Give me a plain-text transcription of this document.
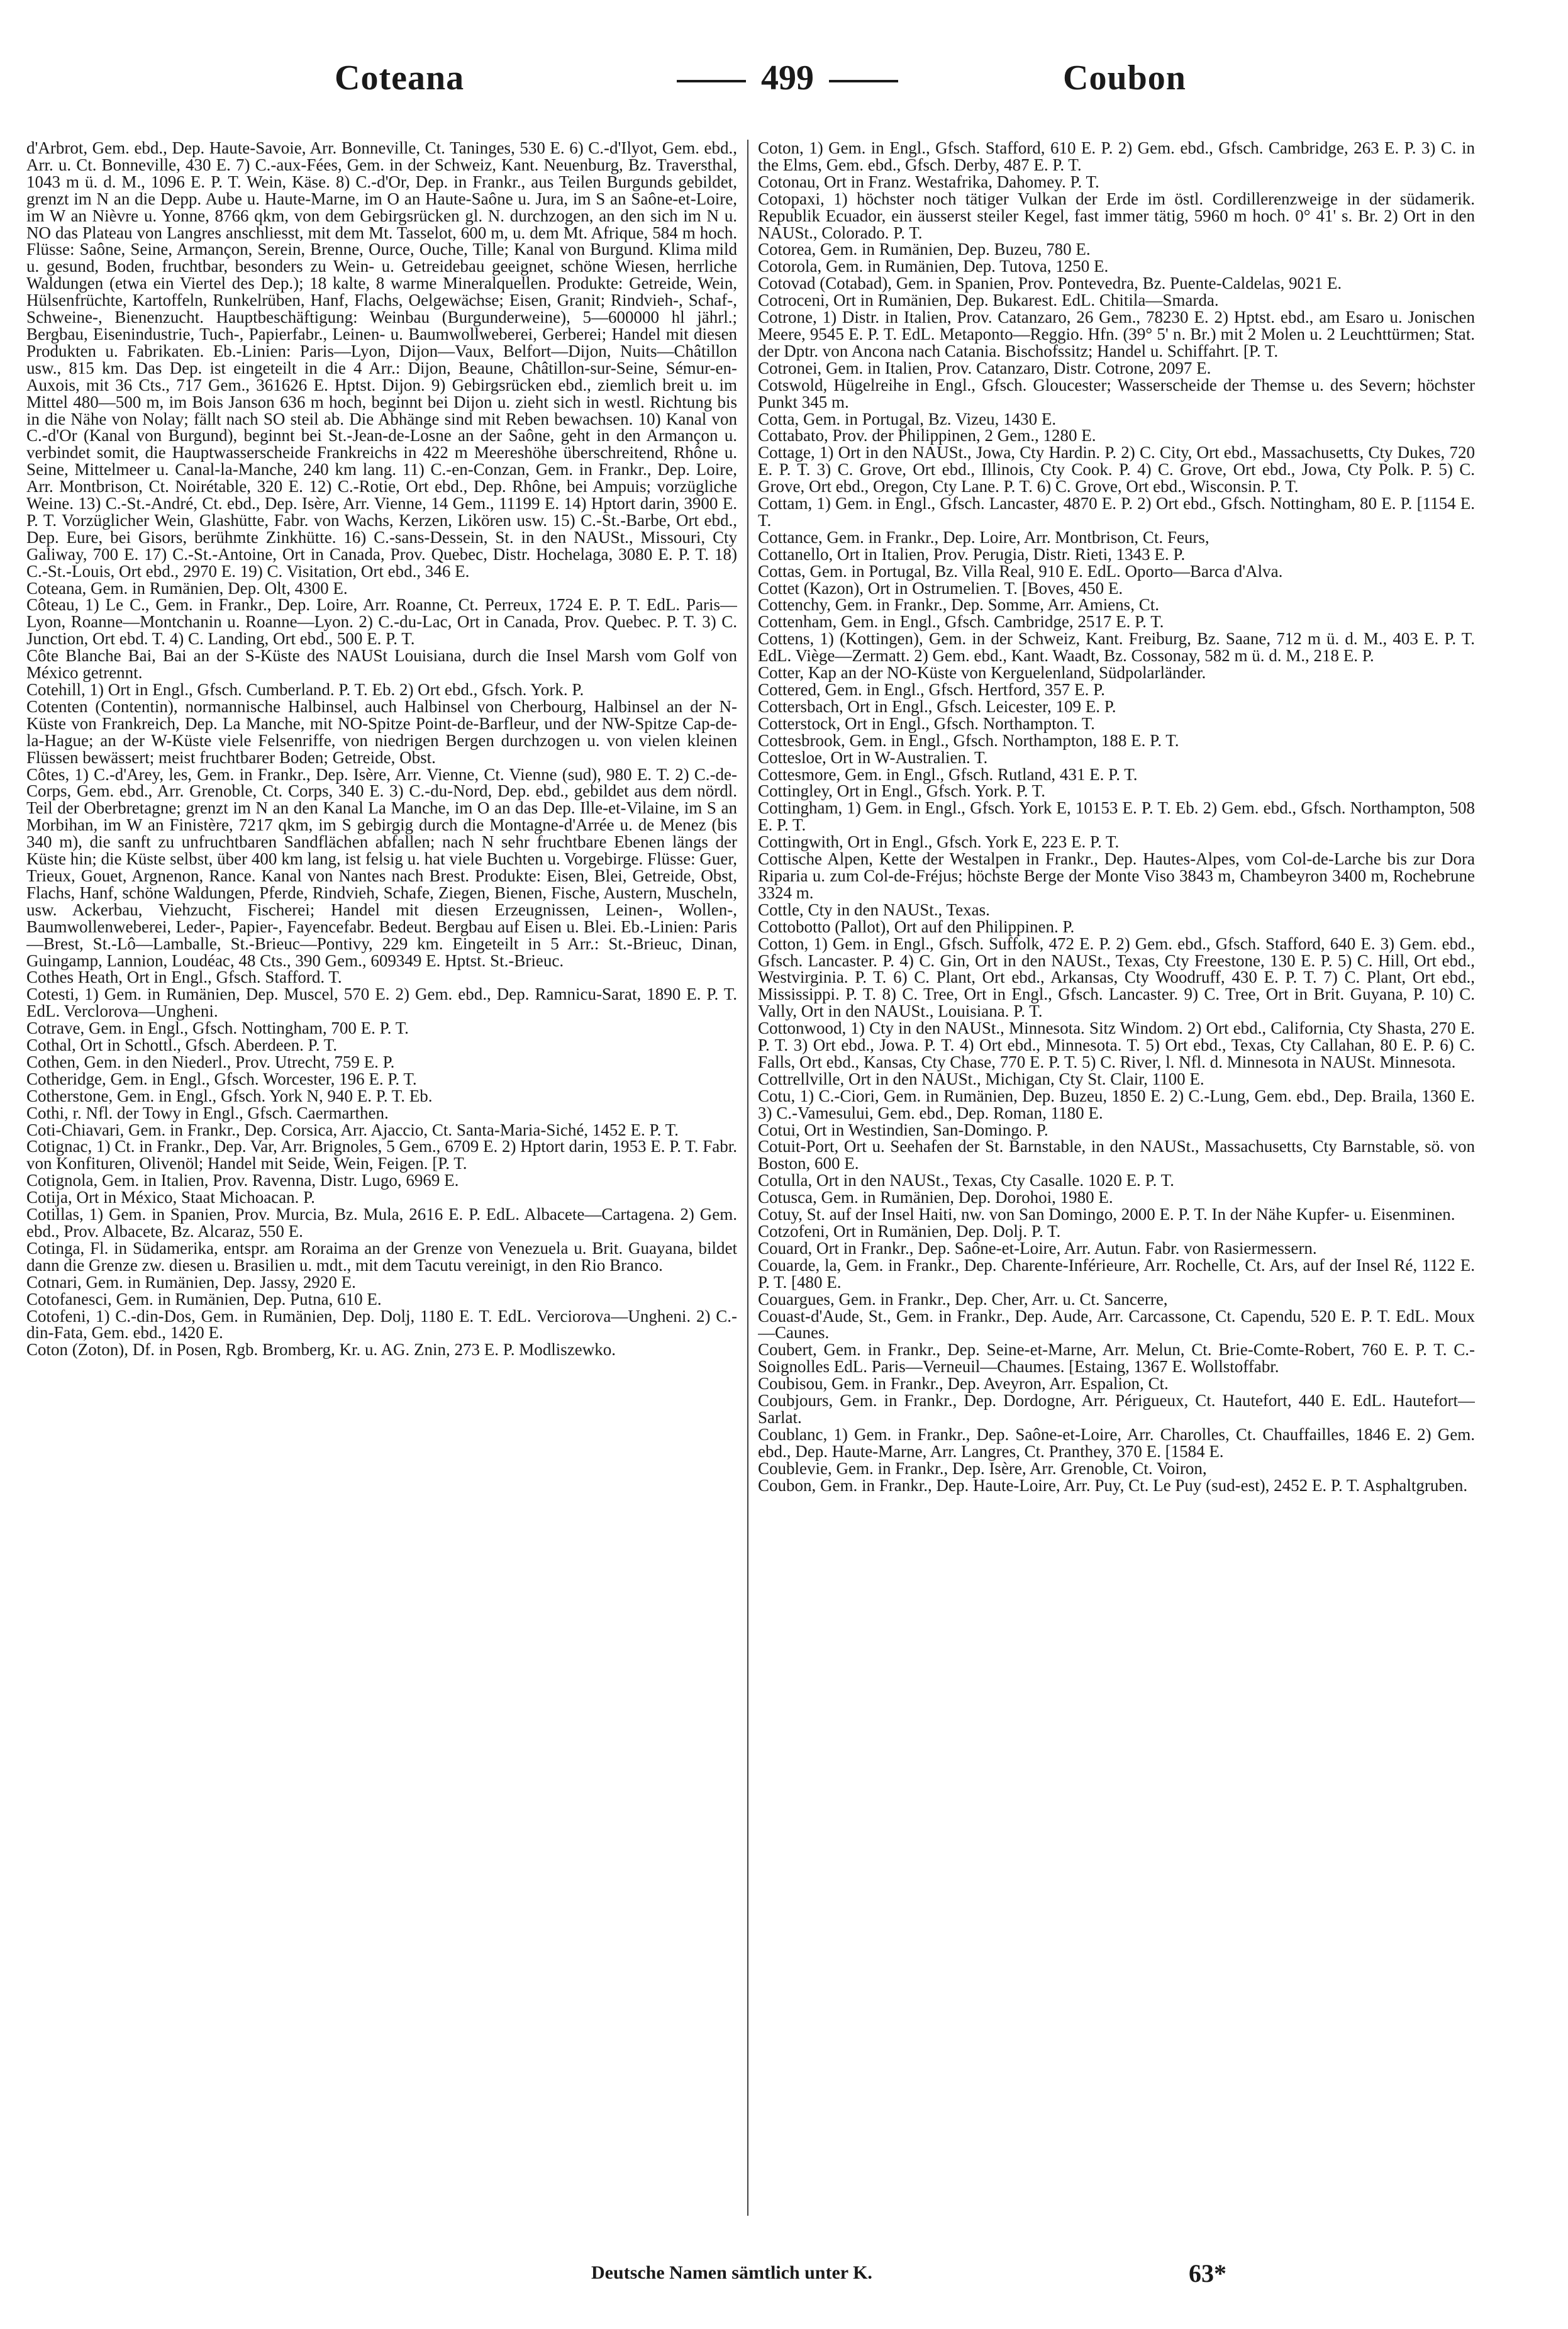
Coteana	499	Coubon

d'Arbrot, Gem. ebd., Dep. Haute-Savoie, Arr. Bonneville, Ct. Taninges, 530 E. 6) C.-d'Ilyot, Gem. ebd., Arr. u. Ct. Bonneville, 430 E. 7) C.-aux-Fées, Gem. in der Schweiz, Kant. Neuenburg, Bz. Traversthal, 1043 m ü. d. M., 1096 E. P. T. Wein, Käse. 8) C.-d'Or, Dep. in Frankr., aus Teilen Burgunds gebildet, grenzt im N an die Depp. Aube u. Haute-Marne, im O an Haute-Saône u. Jura, im S an Saône-et-Loire, im W an Nièvre u. Yonne, 8766 qkm, von dem Gebirgsrücken gl. N. durchzogen, an den sich im N u. NO das Plateau von Langres anschliesst, mit dem Mt. Tasselot, 600 m, u. dem Mt. Afrique, 584 m hoch. Flüsse: Saône, Seine, Armançon, Serein, Brenne, Ource, Ouche, Tille; Kanal von Burgund. Klima mild u. gesund, Boden, fruchtbar, besonders zu Wein- u. Getreidebau geeignet, schöne Wiesen, herrliche Waldungen (etwa ein Viertel des Dep.); 18 kalte, 8 warme Mineralquellen. Produkte: Getreide, Wein, Hülsenfrüchte, Kartoffeln, Runkelrüben, Hanf, Flachs, Oelgewächse; Eisen, Granit; Rindvieh-, Schaf-, Schweine-, Bienenzucht. Hauptbeschäftigung: Weinbau (Burgunderweine), 5—600000 hl jährl.; Bergbau, Eisenindustrie, Tuch-, Papierfabr., Leinen- u. Baumwollweberei, Gerberei; Handel mit diesen Produkten u. Fabrikaten. Eb.-Linien: Paris—Lyon, Dijon—Vaux, Belfort—Dijon, Nuits—Châtillon usw., 815 km. Das Dep. ist eingeteilt in die 4 Arr.: Dijon, Beaune, Châtillon-sur-Seine, Sémur-en-Auxois, mit 36 Cts., 717 Gem., 361626 E. Hptst. Dijon. 9) Gebirgsrücken ebd., ziemlich breit u. im Mittel 480—500 m, im Bois Janson 636 m hoch, beginnt bei Dijon u. zieht sich in westl. Richtung bis in die Nähe von Nolay; fällt nach SO steil ab. Die Abhänge sind mit Reben bewachsen. 10) Kanal von C.-d'Or (Kanal von Burgund), beginnt bei St.-Jean-de-Losne an der Saône, geht in den Armançon u. verbindet somit, die Hauptwasserscheide Frankreichs in 422 m Meereshöhe überschreitend, Rhône u. Seine, Mittelmeer u. Canal-la-Manche, 240 km lang. 11) C.-en-Conzan, Gem. in Frankr., Dep. Loire, Arr. Montbrison, Ct. Noirétable, 320 E. 12) C.-Rotie, Ort ebd., Dep. Rhône, bei Ampuis; vorzügliche Weine. 13) C.-St.-André, Ct. ebd., Dep. Isère, Arr. Vienne, 14 Gem., 11199 E. 14) Hptort darin, 3900 E. P. T. Vorzüglicher Wein, Glashütte, Fabr. von Wachs, Kerzen, Likören usw. 15) C.-St.-Barbe, Ort ebd., Dep. Eure, bei Gisors, berühmte Zinkhütte. 16) C.-sans-Dessein, St. in den NAUSt., Missouri, Cty Galiway, 700 E. 17) C.-St.-Antoine, Ort in Canada, Prov. Quebec, Distr. Hochelaga, 3080 E. P. T. 18) C.-St.-Louis, Ort ebd., 2970 E. 19) C. Visitation, Ort ebd., 346 E.

Coteana, Gem. in Rumänien, Dep. Olt, 4300 E.

Côteau, 1) Le C., Gem. in Frankr., Dep. Loire, Arr. Roanne, Ct. Perreux, 1724 E. P. T. EdL. Paris—Lyon, Roanne—Montchanin u. Roanne—Lyon. 2) C.-du-Lac, Ort in Canada, Prov. Quebec. P. T. 3) C. Junction, Ort ebd. T. 4) C. Landing, Ort ebd., 500 E. P. T.

Côte Blanche Bai, Bai an der S-Küste des NAUSt Louisiana, durch die Insel Marsh vom Golf von México getrennt.

Cotehill, 1) Ort in Engl., Gfsch. Cumberland. P. T. Eb. 2) Ort ebd., Gfsch. York. P.

Cotenten (Contentin), normannische Halbinsel, auch Halbinsel von Cherbourg, Halbinsel an der N-Küste von Frankreich, Dep. La Manche, mit NO-Spitze Point-de-Barfleur, und der NW-Spitze Cap-de-la-Hague; an der W-Küste viele Felsenriffe, von niedrigen Bergen durchzogen u. von vielen kleinen Flüssen bewässert; meist fruchtbarer Boden; Getreide, Obst.

Côtes, 1) C.-d'Arey, les, Gem. in Frankr., Dep. Isère, Arr. Vienne, Ct. Vienne (sud), 980 E. T. 2) C.-de-Corps, Gem. ebd., Arr. Grenoble, Ct. Corps, 340 E. 3) C.-du-Nord, Dep. ebd., gebildet aus dem nördl. Teil der Oberbretagne; grenzt im N an den Kanal La Manche, im O an das Dep. Ille-et-Vilaine, im S an Morbihan, im W an Finistère, 7217 qkm, im S gebirgig durch die Montagne-d'Arrée u. de Menez (bis 340 m), die sanft zu unfruchtbaren Sandflächen abfallen; nach N sehr fruchtbare Ebenen längs der Küste hin; die Küste selbst, über 400 km lang, ist felsig u. hat viele Buchten u. Vorgebirge. Flüsse: Guer, Trieux, Gouet, Argnenon, Rance. Kanal von Nantes nach Brest. Produkte: Eisen, Blei, Getreide, Obst, Flachs, Hanf, schöne Waldungen, Pferde, Rindvieh, Schafe, Ziegen, Bienen, Fische, Austern, Muscheln, usw. Ackerbau, Viehzucht, Fischerei; Handel mit diesen Erzeugnissen, Leinen-, Wollen-, Baumwollenweberei, Leder-, Papier-, Fayencefabr. Bedeut. Bergbau auf Eisen u. Blei. Eb.-Linien: Paris—Brest, St.-Lô—Lamballe, St.-Brieuc—Pontivy, 229 km. Eingeteilt in 5 Arr.: St.-Brieuc, Dinan, Guingamp, Lannion, Loudéac, 48 Cts., 390 Gem., 609349 E. Hptst. St.-Brieuc.

Cothes Heath, Ort in Engl., Gfsch. Stafford. T.

Cotesti, 1) Gem. in Rumänien, Dep. Muscel, 570 E. 2) Gem. ebd., Dep. Ramnicu-Sarat, 1890 E. P. T. EdL. Verclorova—Ungheni.

Cotrave, Gem. in Engl., Gfsch. Nottingham, 700 E. P. T.

Cothal, Ort in Schottl., Gfsch. Aberdeen. P. T.

Cothen, Gem. in den Niederl., Prov. Utrecht, 759 E. P.

Cotheridge, Gem. in Engl., Gfsch. Worcester, 196 E. P. T.

Cotherstone, Gem. in Engl., Gfsch. York N, 940 E. P. T. Eb.

Cothi, r. Nfl. der Towy in Engl., Gfsch. Caermarthen.

Coti-Chiavari, Gem. in Frankr., Dep. Corsica, Arr. Ajaccio, Ct. Santa-Maria-Siché, 1452 E. P. T.

Cotignac, 1) Ct. in Frankr., Dep. Var, Arr. Brignoles, 5 Gem., 6709 E. 2) Hptort darin, 1953 E. P. T. Fabr. von Konfituren, Olivenöl; Handel mit Seide, Wein, Feigen. [P. T.

Cotignola, Gem. in Italien, Prov. Ravenna, Distr. Lugo, 6969 E.

Cotija, Ort in México, Staat Michoacan. P.

Cotillas, 1) Gem. in Spanien, Prov. Murcia, Bz. Mula, 2616 E. P. EdL. Albacete—Cartagena. 2) Gem. ebd., Prov. Albacete, Bz. Alcaraz, 550 E.

Cotinga, Fl. in Südamerika, entspr. am Roraima an der Grenze von Venezuela u. Brit. Guayana, bildet dann die Grenze zw. diesen u. Brasilien u. mdt., mit dem Tacutu vereinigt, in den Rio Branco.

Cotnari, Gem. in Rumänien, Dep. Jassy, 2920 E.

Cotofanesci, Gem. in Rumänien, Dep. Putna, 610 E.

Cotofeni, 1) C.-din-Dos, Gem. in Rumänien, Dep. Dolj, 1180 E. T. EdL. Verciorova—Ungheni. 2) C.-din-Fata, Gem. ebd., 1420 E.

Coton (Zoton), Df. in Posen, Rgb. Bromberg, Kr. u. AG. Znin, 273 E. P. Modliszewko.

Coton, 1) Gem. in Engl., Gfsch. Stafford, 610 E. P. 2) Gem. ebd., Gfsch. Cambridge, 263 E. P. 3) C. in the Elms, Gem. ebd., Gfsch. Derby, 487 E. P. T.

Cotonau, Ort in Franz. Westafrika, Dahomey. P. T.

Cotopaxi, 1) höchster noch tätiger Vulkan der Erde im östl. Cordillerenzweige in der südamerik. Republik Ecuador, ein äusserst steiler Kegel, fast immer tätig, 5960 m hoch. 0° 41' s. Br. 2) Ort in den NAUSt., Colorado. P. T.

Cotorea, Gem. in Rumänien, Dep. Buzeu, 780 E.

Cotorola, Gem. in Rumänien, Dep. Tutova, 1250 E.

Cotovad (Cotabad), Gem. in Spanien, Prov. Pontevedra, Bz. Puente-Caldelas, 9021 E.

Cotroceni, Ort in Rumänien, Dep. Bukarest. EdL. Chitila—Smarda.

Cotrone, 1) Distr. in Italien, Prov. Catanzaro, 26 Gem., 78230 E. 2) Hptst. ebd., am Esaro u. Jonischen Meere, 9545 E. P. T. EdL. Metaponto—Reggio. Hfn. (39° 5' n. Br.) mit 2 Molen u. 2 Leuchttürmen; Stat. der Dptr. von Ancona nach Catania. Bischofssitz; Handel u. Schiffahrt. [P. T.

Cotronei, Gem. in Italien, Prov. Catanzaro, Distr. Cotrone, 2097 E.

Cotswold, Hügelreihe in Engl., Gfsch. Gloucester; Wasserscheide der Themse u. des Severn; höchster Punkt 345 m.

Cotta, Gem. in Portugal, Bz. Vizeu, 1430 E.

Cottabato, Prov. der Philippinen, 2 Gem., 1280 E.

Cottage, 1) Ort in den NAUSt., Jowa, Cty Hardin. P. 2) C. City, Ort ebd., Massachusetts, Cty Dukes, 720 E. P. T. 3) C. Grove, Ort ebd., Illinois, Cty Cook. P. 4) C. Grove, Ort ebd., Jowa, Cty Polk. P. 5) C. Grove, Ort ebd., Oregon, Cty Lane. P. T. 6) C. Grove, Ort ebd., Wisconsin. P. T.

Cottam, 1) Gem. in Engl., Gfsch. Lancaster, 4870 E. P. 2) Ort ebd., Gfsch. Nottingham, 80 E. P. [1154 E. T.

Cottance, Gem. in Frankr., Dep. Loire, Arr. Montbrison, Ct. Feurs,

Cottanello, Ort in Italien, Prov. Perugia, Distr. Rieti, 1343 E. P.

Cottas, Gem. in Portugal, Bz. Villa Real, 910 E. EdL. Oporto—Barca d'Alva.

Cottet (Kazon), Ort in Ostrumelien. T. [Boves, 450 E.

Cottenchy, Gem. in Frankr., Dep. Somme, Arr. Amiens, Ct.

Cottenham, Gem. in Engl., Gfsch. Cambridge, 2517 E. P. T.

Cottens, 1) (Kottingen), Gem. in der Schweiz, Kant. Freiburg, Bz. Saane, 712 m ü. d. M., 403 E. P. T. EdL. Viège—Zermatt. 2) Gem. ebd., Kant. Waadt, Bz. Cossonay, 582 m ü. d. M., 218 E. P.

Cotter, Kap an der NO-Küste von Kerguelenland, Südpolarländer.

Cottered, Gem. in Engl., Gfsch. Hertford, 357 E. P.

Cottersbach, Ort in Engl., Gfsch. Leicester, 109 E. P.

Cotterstock, Ort in Engl., Gfsch. Northampton. T.

Cottesbrook, Gem. in Engl., Gfsch. Northampton, 188 E. P. T.

Cottesloe, Ort in W-Australien. T.

Cottesmore, Gem. in Engl., Gfsch. Rutland, 431 E. P. T.

Cottingley, Ort in Engl., Gfsch. York. P. T.

Cottingham, 1) Gem. in Engl., Gfsch. York E, 10153 E. P. T. Eb. 2) Gem. ebd., Gfsch. Northampton, 508 E. P. T.

Cottingwith, Ort in Engl., Gfsch. York E, 223 E. P. T.

Cottische Alpen, Kette der Westalpen in Frankr., Dep. Hautes-Alpes, vom Col-de-Larche bis zur Dora Riparia u. zum Col-de-Fréjus; höchste Berge der Monte Viso 3843 m, Chambeyron 3400 m, Rochebrune 3324 m.

Cottle, Cty in den NAUSt., Texas.

Cottobotto (Pallot), Ort auf den Philippinen. P.

Cotton, 1) Gem. in Engl., Gfsch. Suffolk, 472 E. P. 2) Gem. ebd., Gfsch. Stafford, 640 E. 3) Gem. ebd., Gfsch. Lancaster. P. 4) C. Gin, Ort in den NAUSt., Texas, Cty Freestone, 130 E. P. 5) C. Hill, Ort ebd., Westvirginia. P. T. 6) C. Plant, Ort ebd., Arkansas, Cty Woodruff, 430 E. P. T. 7) C. Plant, Ort ebd., Mississippi. P. T. 8) C. Tree, Ort in Engl., Gfsch. Lancaster. 9) C. Tree, Ort in Brit. Guyana, P. 10) C. Vally, Ort in den NAUSt., Louisiana. P. T.

Cottonwood, 1) Cty in den NAUSt., Minnesota. Sitz Windom. 2) Ort ebd., California, Cty Shasta, 270 E. P. T. 3) Ort ebd., Jowa. P. T. 4) Ort ebd., Minnesota. T. 5) Ort ebd., Texas, Cty Callahan, 80 E. P. 6) C. Falls, Ort ebd., Kansas, Cty Chase, 770 E. P. T. 5) C. River, l. Nfl. d. Minnesota in NAUSt. Minnesota.

Cottrellville, Ort in den NAUSt., Michigan, Cty St. Clair, 1100 E.

Cotu, 1) C.-Ciori, Gem. in Rumänien, Dep. Buzeu, 1850 E. 2) C.-Lung, Gem. ebd., Dep. Braila, 1360 E. 3) C.-Vamesului, Gem. ebd., Dep. Roman, 1180 E.

Cotui, Ort in Westindien, San-Domingo. P.

Cotuit-Port, Ort u. Seehafen der St. Barnstable, in den NAUSt., Massachusetts, Cty Barnstable, sö. von Boston, 600 E.

Cotulla, Ort in den NAUSt., Texas, Cty Casalle. 1020 E. P. T.

Cotusca, Gem. in Rumänien, Dep. Dorohoi, 1980 E.

Cotuy, St. auf der Insel Haiti, nw. von San Domingo, 2000 E. P. T. In der Nähe Kupfer- u. Eisenminen.

Cotzofeni, Ort in Rumänien, Dep. Dolj. P. T.

Couard, Ort in Frankr., Dep. Saône-et-Loire, Arr. Autun. Fabr. von Rasiermessern.

Couarde, la, Gem. in Frankr., Dep. Charente-Inférieure, Arr. Rochelle, Ct. Ars, auf der Insel Ré, 1122 E. P. T. [480 E.

Couargues, Gem. in Frankr., Dep. Cher, Arr. u. Ct. Sancerre,

Couast-d'Aude, St., Gem. in Frankr., Dep. Aude, Arr. Carcassone, Ct. Capendu, 520 E. P. T. EdL. Moux—Caunes.

Coubert, Gem. in Frankr., Dep. Seine-et-Marne, Arr. Melun, Ct. Brie-Comte-Robert, 760 E. P. T. C.-Soignolles EdL. Paris—Verneuil—Chaumes. [Estaing, 1367 E. Wollstoffabr.

Coubisou, Gem. in Frankr., Dep. Aveyron, Arr. Espalion, Ct.

Coubjours, Gem. in Frankr., Dep. Dordogne, Arr. Périgueux, Ct. Hautefort, 440 E. EdL. Hautefort—Sarlat.

Coublanc, 1) Gem. in Frankr., Dep. Saône-et-Loire, Arr. Charolles, Ct. Chauffailles, 1846 E. 2) Gem. ebd., Dep. Haute-Marne, Arr. Langres, Ct. Pranthey, 370 E. [1584 E.

Coublevie, Gem. in Frankr., Dep. Isère, Arr. Grenoble, Ct. Voiron,

Coubon, Gem. in Frankr., Dep. Haute-Loire, Arr. Puy, Ct. Le Puy (sud-est), 2452 E. P. T. Asphaltgruben.

Deutsche Namen sämtlich unter K.	63*
